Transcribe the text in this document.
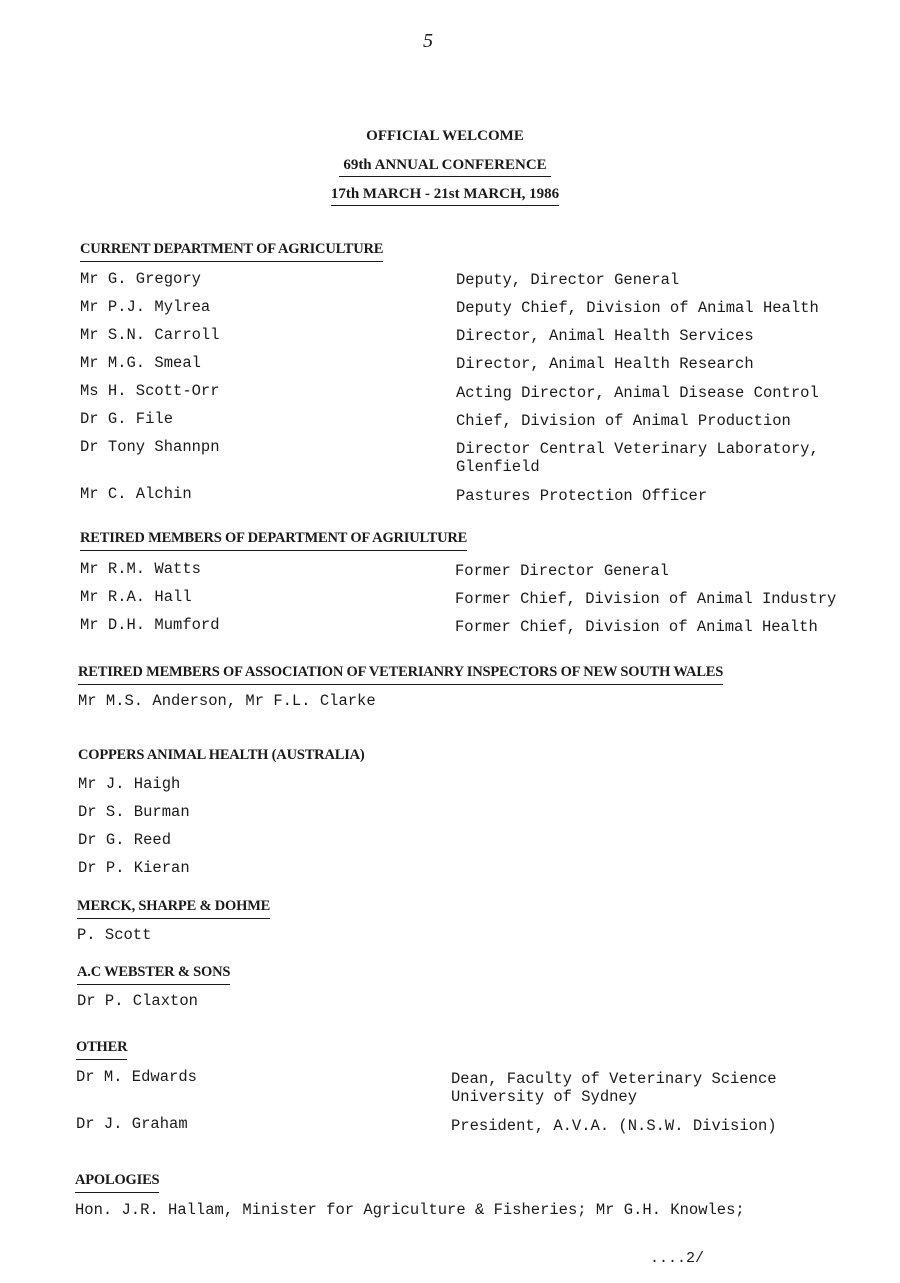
5
OFFICIAL WELCOME
69th ANNUAL CONFERENCE
17th MARCH - 21st MARCH, 1986
CURRENT DEPARTMENT OF AGRICULTURE
Mr G. Gregory	Deputy, Director General
Mr P.J. Mylrea	Deputy Chief, Division of Animal Health
Mr S.N. Carroll	Director, Animal Health Services
Mr M.G. Smeal	Director, Animal Health Research
Ms H. Scott-Orr	Acting Director, Animal Disease Control
Dr G. File	Chief, Division of Animal Production
Dr Tony Shannpn	Director Central Veterinary Laboratory,
Glenfield
Mr C. Alchin	Pastures Protection Officer
RETIRED MEMBERS OF DEPARTMENT OF AGRIULTURE
Mr R.M. Watts	Former Director General
Mr R.A. Hall	Former Chief, Division of Animal Industry
Mr D.H. Mumford	Former Chief, Division of Animal Health
RETIRED MEMBERS OF ASSOCIATION OF VETERIANRY INSPECTORS OF NEW SOUTH WALES
Mr M.S. Anderson, Mr F.L. Clarke
COPPERS ANIMAL HEALTH (AUSTRALIA)
Mr J. Haigh
Dr S. Burman
Dr G. Reed
Dr P. Kieran
MERCK, SHARPE & DOHME
P. Scott
A.C WEBSTER & SONS
Dr P. Claxton
OTHER
Dr M. Edwards	Dean, Faculty of Veterinary Science
University of Sydney
Dr J. Graham	President, A.V.A. (N.S.W. Division)
APOLOGIES
Hon. J.R. Hallam, Minister for Agriculture & Fisheries; Mr G.H. Knowles;
....2/
